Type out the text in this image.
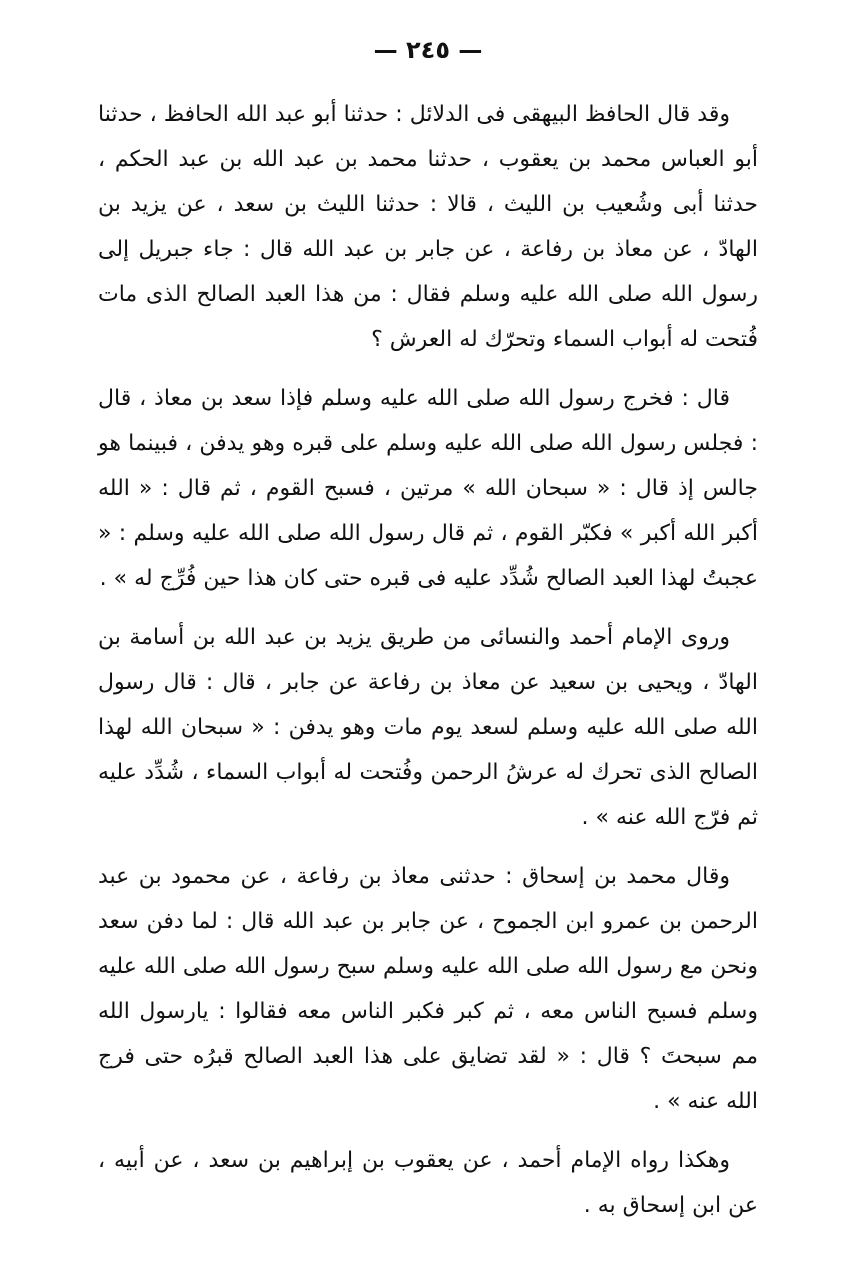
— ٢٤٥ —

وقد قال الحافظ البيهقى فى الدلائل : حدثنا أبو عبد الله الحافظ ، حدثنا أبو العباس محمد بن يعقوب ، حدثنا محمد بن عبد الله بن عبد الحكم ، حدثنا أبى وشُعيب بن الليث ، قالا : حدثنا الليث بن سعد ، عن يزيد بن الهادّ ، عن معاذ بن رفاعة ، عن جابر بن عبد الله قال : جاء جبريل إلى رسول الله صلى الله عليه وسلم فقال : من هذا العبد الصالح الذى مات فُتحت له أبواب السماء وتحرّك له العرش ؟

قال : فخرج رسول الله صلى الله عليه وسلم فإذا سعد بن معاذ ، قال : فجلس رسول الله صلى الله عليه وسلم على قبره وهو يدفن ، فبينما هو جالس إذ قال : « سبحان الله » مرتين ، فسبح القوم ، ثم قال : « الله أكبر الله أكبر » فكبّر القوم ، ثم قال رسول الله صلى الله عليه وسلم : « عجبتُ لهذا العبد الصالح شُدِّد عليه فى قبره حتى كان هذا حين فُرِّج له » .

وروى الإمام أحمد والنسائى من طريق يزيد بن عبد الله بن أسامة بن الهادّ ، ويحيى بن سعيد عن معاذ بن رفاعة عن جابر ، قال : قال رسول الله صلى الله عليه وسلم لسعد يوم مات وهو يدفن : « سبحان الله لهذا الصالح الذى تحرك له عرشُ الرحمن وفُتحت له أبواب السماء ، شُدِّد عليه ثم فرّج الله عنه » .

وقال محمد بن إسحاق : حدثنى معاذ بن رفاعة ، عن محمود بن عبد الرحمن بن عمرو ابن الجموح ، عن جابر بن عبد الله قال : لما دفن سعد ونحن مع رسول الله صلى الله عليه وسلم سبح رسول الله صلى الله عليه وسلم فسبح الناس معه ، ثم كبر فكبر الناس معه فقالوا : يارسول الله مم سبحتَ ؟ قال : « لقد تضايق على هذا العبد الصالح قبرُه حتى فرج الله عنه » .

وهكذا رواه الإمام أحمد ، عن يعقوب بن إبراهيم بن سعد ، عن أبيه ، عن ابن إسحاق به .
